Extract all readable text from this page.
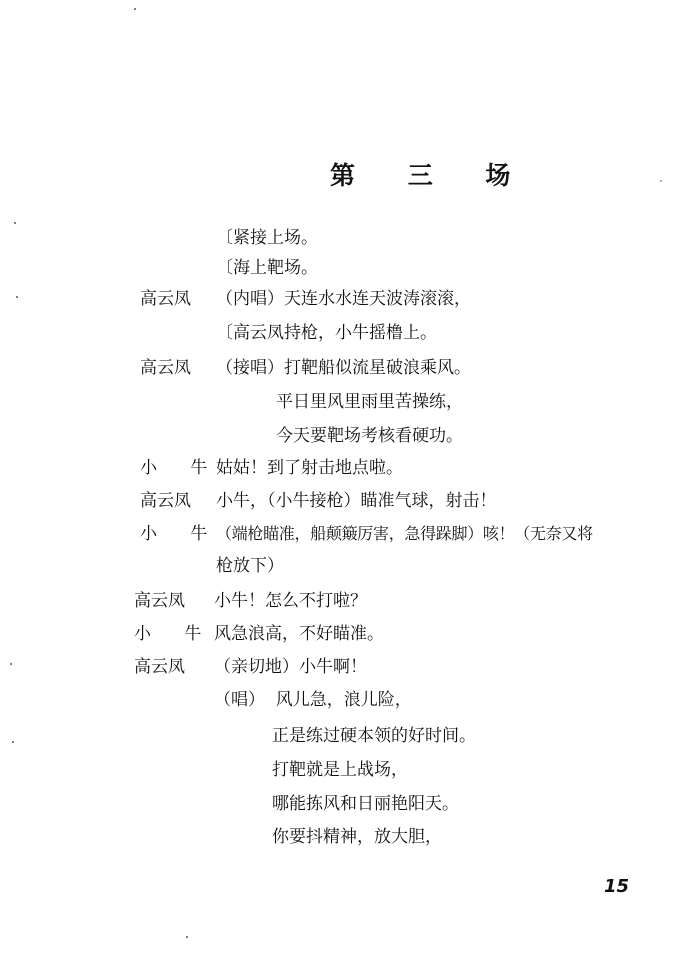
第 三 场
〔紧接上场。
〔海上靶场。
高云凤 （内唱）天连水水连天波涛滚滚，
〔高云凤持枪，小牛摇橹上。
高云凤 （接唱）打靶船似流星破浪乘风。
平日里风里雨里苦操练，
今天要靶场考核看硬功。
小 牛
姑姑！到了射击地点啦。
高云凤 小牛，（小牛接枪）瞄准气球，射击！
小 牛
（端枪瞄准，船颠簸厉害，急得跺脚）咳！（无奈又将
枪放下）
高云凤 小牛！怎么不打啦？
小 牛
风急浪高，不好瞄准。
高云凤 （亲切地）小牛啊！
（唱）  风儿急，浪儿险，
正是练过硬本领的好时间。
打靶就是上战场，
哪能拣风和日丽艳阳天。
你要抖精神，放大胆，
15
